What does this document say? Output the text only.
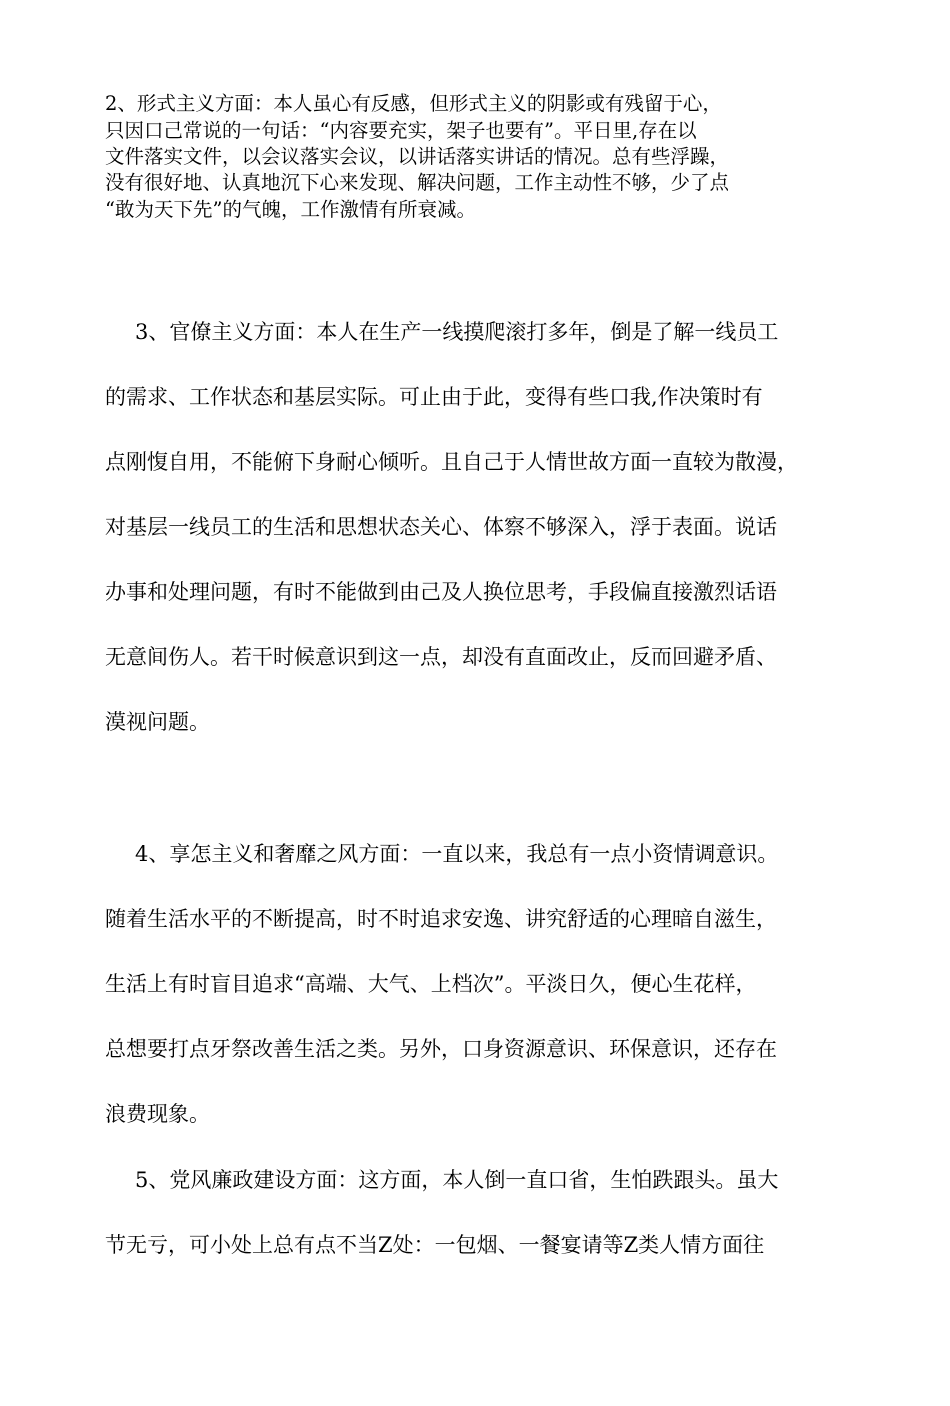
2、形式主义方面：本人虽心有反感，但形式主义的阴影或有残留于心，
只因口己常说的一句话：“内容要充实，架子也要有”。平日里,存在以
文件落实文件，以会议落实会议，以讲话落实讲话的情况。总有些浮躁，
没有很好地、认真地沉下心来发现、解决问题，工作主动性不够，少了点
“敢为天下先”的气魄，工作激情有所衰减。
3、官僚主义方面：本人在生产一线摸爬滚打多年，倒是了解一线员工
的需求、工作状态和基层实际。可止由于此，变得有些口我,作决策时有
点刚愎自用，不能俯下身耐心倾听。且自己于人情世故方面一直较为散漫，
对基层一线员工的生活和思想状态关心、体察不够深入，浮于表面。说话
办事和处理问题，有时不能做到由己及人换位思考，手段偏直接激烈话语
无意间伤人。若干时候意识到这一点，却没有直面改止，反而回避矛盾、
漠视问题。
4、享怎主义和奢靡之风方面：一直以来，我总有一点小资情调意识。
随着生活水平的不断提高，时不时追求安逸、讲究舒适的心理暗自滋生，
生活上有时盲目追求“高端、大气、上档次”。平淡日久，便心生花样，
总想要打点牙祭改善生活之类。另外，口身资源意识、环保意识，还存在
浪费现象。
5、党风廉政建设方面：这方面，本人倒一直口省，生怕跌跟头。虽大
节无亏，可小处上总有点不当Z处：一包烟、一餐宴请等Z类人情方面往
